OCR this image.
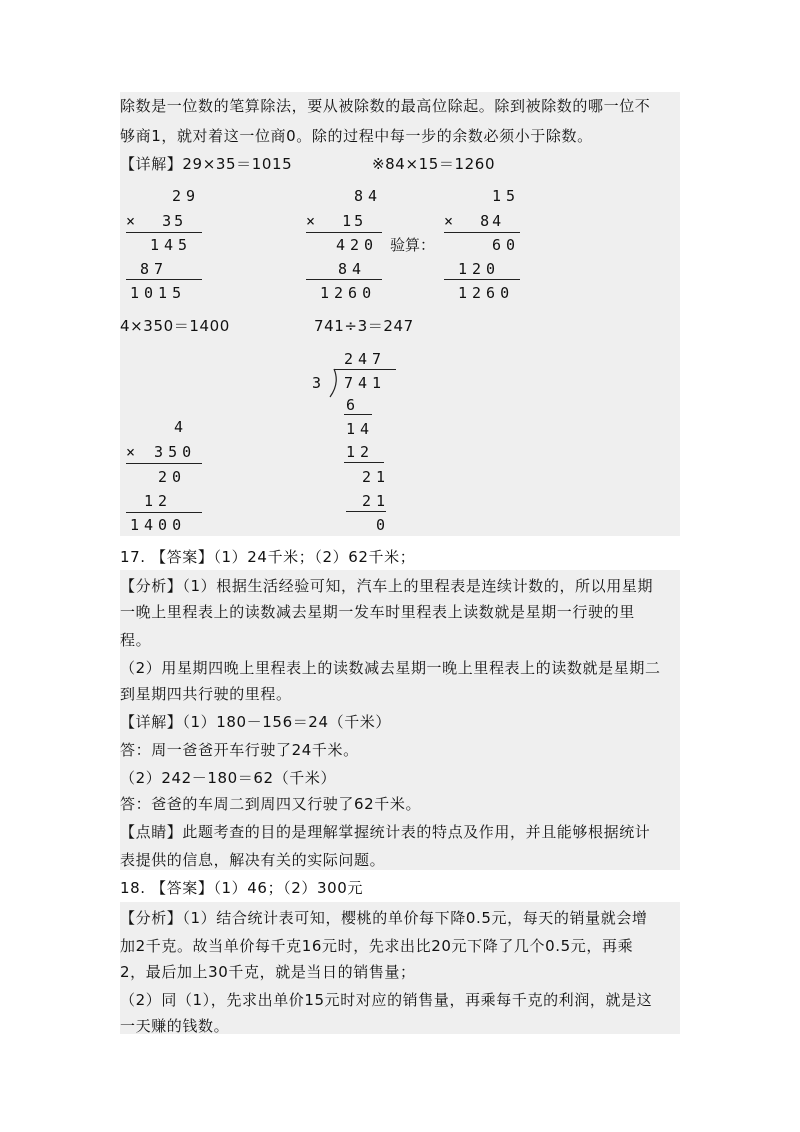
除数是一位数的笔算除法，要从被除数的最高位除起。除到被除数的哪一位不
够商1，就对着这一位商0。除的过程中每一步的余数必须小于除数。
【详解】29×35＝1015	※84×15＝1260
29
×  35
145
87
1015
84
×  15
420
84
1260
验算：
15
×  84
60
120
1260
4×350＝1400	741÷3＝247
4
× 350
20
12
1400
247
3 741
6
14
12
21
21
0
17. 【答案】（1）24千米；（2）62千米；
【分析】（1）根据生活经验可知，汽车上的里程表是连续计数的，所以用星期
一晚上里程表上的读数减去星期一发车时里程表上读数就是星期一行驶的里
程。
（2）用星期四晚上里程表上的读数减去星期一晚上里程表上的读数就是星期二
到星期四共行驶的里程。
【详解】（1）180－156＝24（千米）
答：周一爸爸开车行驶了24千米。
（2）242－180＝62（千米）
答：爸爸的车周二到周四又行驶了62千米。
【点睛】此题考查的目的是理解掌握统计表的特点及作用，并且能够根据统计
表提供的信息，解决有关的实际问题。
18. 【答案】（1）46；（2）300元
【分析】（1）结合统计表可知，樱桃的单价每下降0.5元，每天的销量就会增
加2千克。故当单价每千克16元时，先求出比20元下降了几个0.5元，再乘
2，最后加上30千克，就是当日的销售量；
（2）同（1），先求出单价15元时对应的销售量，再乘每千克的利润，就是这
一天赚的钱数。
